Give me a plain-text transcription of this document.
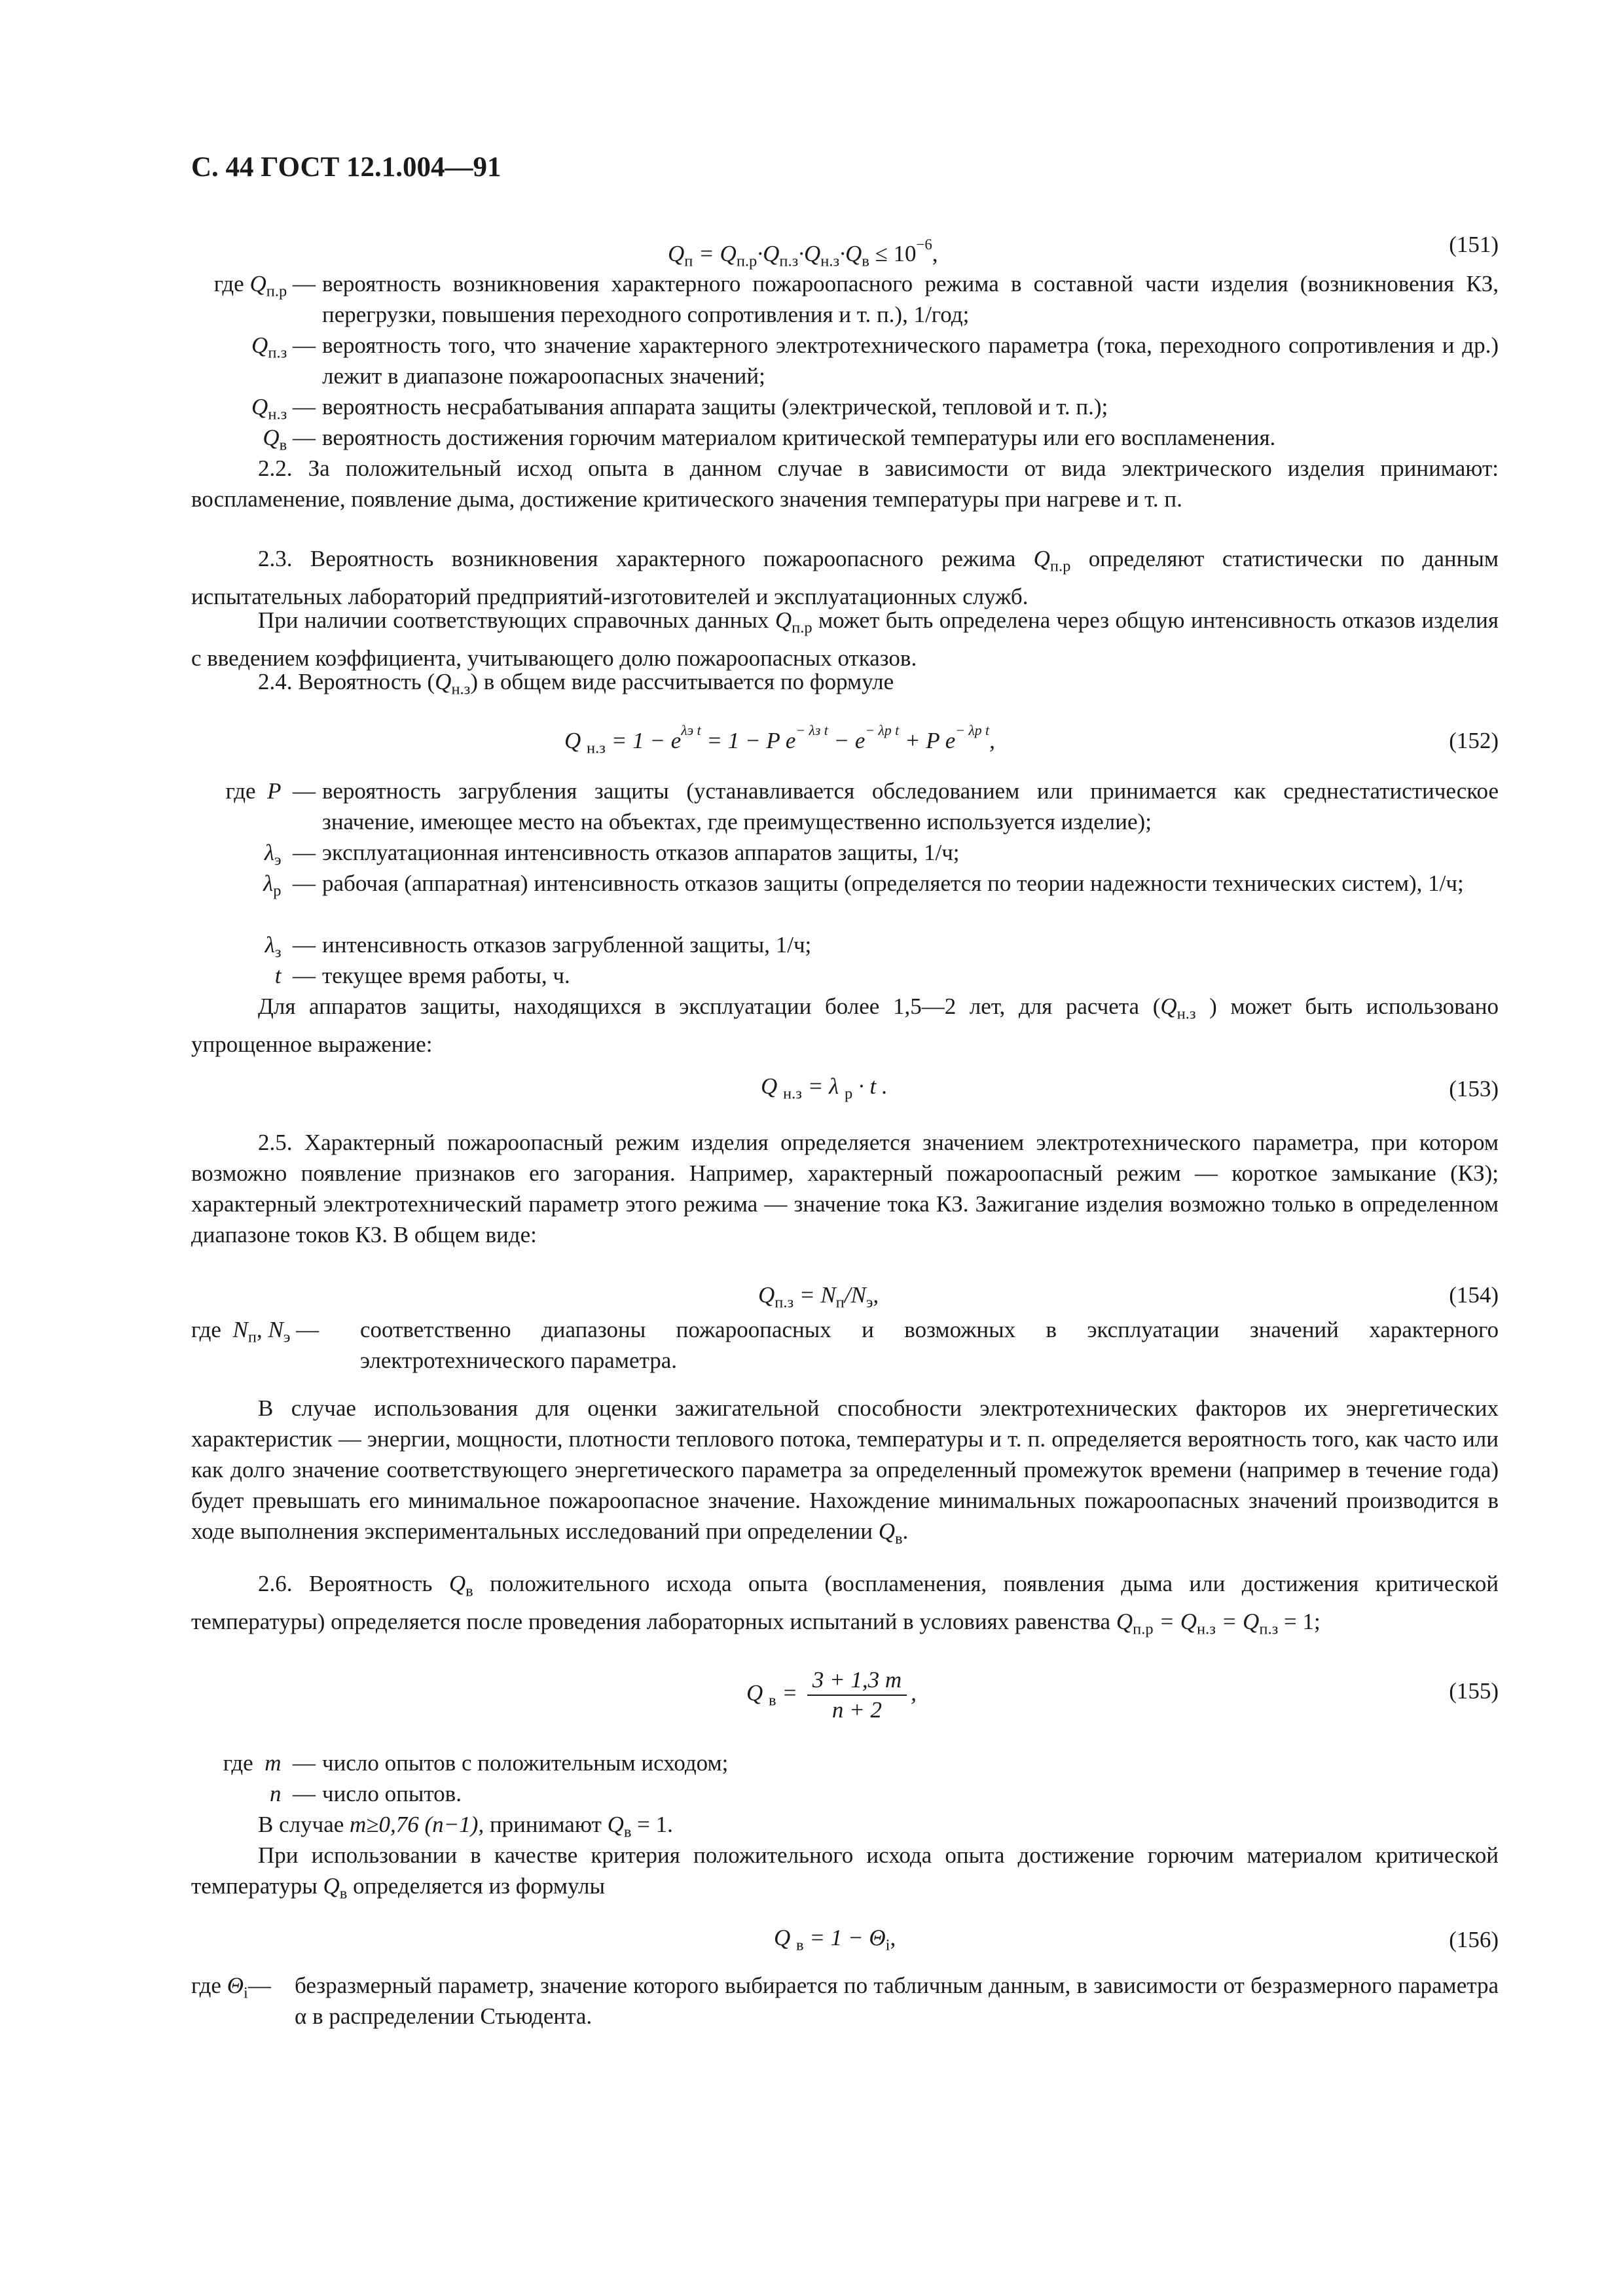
С. 44 ГОСТ 12.1.004—91
$Q_п = Q_{п.р}\cdot Q_{п.з}\cdot Q_{н.з}\cdot Q_в \le 10^{-6}$,	(151)
где $Q_{п.р}$ — вероятность возникновения характерного пожароопасного режима в составной части изделия (возникновения КЗ, перегрузки, повышения переходного сопротивления и т. п.), 1/год;
$Q_{п.з}$ — вероятность того, что значение характерного электротехнического параметра (тока, переходного сопротивления и др.) лежит в диапазоне пожароопасных значений;
$Q_{н.з}$ — вероятность несрабатывания аппарата защиты (электрической, тепловой и т. п.);
$Q_в$ — вероятность достижения горючим материалом критической температуры или его воспламенения.
2.2. За положительный исход опыта в данном случае в зависимости от вида электрического изделия принимают: воспламенение, появление дыма, достижение критического значения температуры при нагреве и т. п.
2.3. Вероятность возникновения характерного пожароопасного режима $Q_{п.р}$ определяют статистически по данным испытательных лабораторий предприятий-изготовителей и эксплуатационных служб.
При наличии соответствующих справочных данных $Q_{п.р}$ может быть определена через общую интенсивность отказов изделия с введением коэффициента, учитывающего долю пожароопасных отказов.
2.4. Вероятность $(Q_{н.з})$ в общем виде рассчитывается по формуле
Q $_{н.з} = 1 - e^{\lambda э t} = 1 - P$ $e^{- \lambda з t} - e^{- \lambda р t} + P$ $e^{- \lambda р t}$,	(152)
где P — вероятность загрубления защиты (устанавливается обследованием или принимается как среднестатистическое значение, имеющее место на объектах, где преимущественно используется изделие);
$\lambda_э$ — эксплуатационная интенсивность отказов аппаратов защиты, 1/ч;
$\lambda_р$ — рабочая (аппаратная) интенсивность отказов защиты (определяется по теории надежности технических систем), 1/ч;
$\lambda_з$ — интенсивность отказов загрубленной защиты, 1/ч;
t — текущее время работы, ч.
Для аппаратов защиты, находящихся в эксплуатации более 1,5—2 лет, для расчета ($Q_{н.з}$ ) может быть использовано упрощенное выражение:
Q $_{н.з}$ = λ $_р$ · t .	(153)
2.5. Характерный пожароопасный режим изделия определяется значением электротехнического параметра, при котором возможно появление признаков его загорания. Например, характерный пожароопасный режим — короткое замыкание (КЗ); характерный электротехнический параметр этого режима — значение тока КЗ. Зажигание изделия возможно только в определенном диапазоне токов КЗ. В общем виде:
$Q_{п.з} = N_п/N_э$,	(154)
где $N_п$, $N_э$ — соответственно диапазоны пожароопасных и возможных в эксплуатации значений характерного электротехнического параметра.
В случае использования для оценки зажигательной способности электротехнических факторов их энергетических характеристик — энергии, мощности, плотности теплового потока, температуры и т. п. определяется вероятность того, как часто или как долго значение соответствующего энергетического параметра за определенный промежуток времени (например в течение года) будет превышать его минимальное пожароопасное значение. Нахождение минимальных пожароопасных значений производится в ходе выполнения экспериментальных исследований при определении $Q_в$.
2.6. Вероятность $Q_в$ положительного исхода опыта (воспламенения, появления дыма или достижения критической температуры) определяется после проведения лабораторных испытаний в условиях равенства $Q_{п.р} = Q_{н.з} = Q_{п.з} = 1$;
Q $_в = \frac{3 + 1,3 m}{n + 2}$ ,	(155)
где m — число опытов с положительным исходом;
n — число опытов.
В случае m≥0,76 (n−1), принимают $Q_в = 1$.
При использовании в качестве критерия положительного исхода опыта достижение горючим материалом критической температуры $Q_в$ определяется из формулы
Q $_в = 1 - \Theta_i$,	(156)
где $\Theta_i—$ безразмерный параметр, значение которого выбирается по табличным данным, в зависимости от безразмерного параметра α в распределении Стьюдента.
